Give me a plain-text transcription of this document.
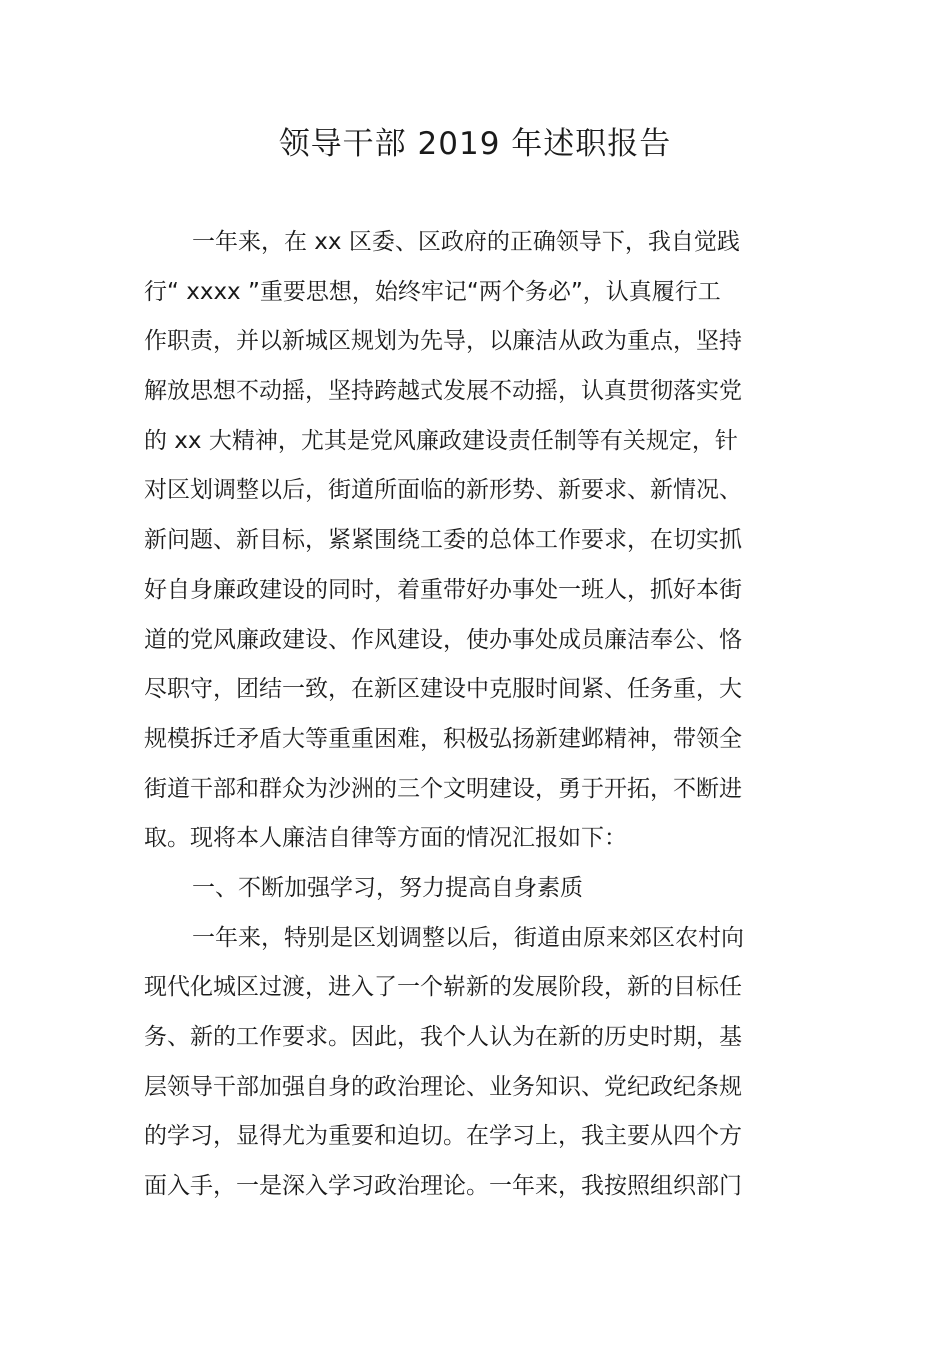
领导干部 2019 年述职报告
一年来，在 xx 区委、区政府的正确领导下，我自觉践
行“ xxxx ”重要思想，始终牢记“两个务必”，认真履行工
作职责，并以新城区规划为先导，以廉洁从政为重点，坚持
解放思想不动摇，坚持跨越式发展不动摇，认真贯彻落实党
的 xx 大精神，尤其是党风廉政建设责任制等有关规定，针
对区划调整以后，街道所面临的新形势、新要求、新情况、
新问题、新目标，紧紧围绕工委的总体工作要求，在切实抓
好自身廉政建设的同时，着重带好办事处一班人，抓好本街
道的党风廉政建设、作风建设，使办事处成员廉洁奉公、恪
尽职守，团结一致，在新区建设中克服时间紧、任务重，大
规模拆迁矛盾大等重重困难，积极弘扬新建邺精神，带领全
街道干部和群众为沙洲的三个文明建设，勇于开拓，不断进
取。现将本人廉洁自律等方面的情况汇报如下：
一、不断加强学习，努力提高自身素质
一年来，特别是区划调整以后，街道由原来郊区农村向
现代化城区过渡，进入了一个崭新的发展阶段，新的目标任
务、新的工作要求。因此，我个人认为在新的历史时期，基
层领导干部加强自身的政治理论、业务知识、党纪政纪条规
的学习，显得尤为重要和迫切。在学习上，我主要从四个方
面入手，一是深入学习政治理论。一年来，我按照组织部门
